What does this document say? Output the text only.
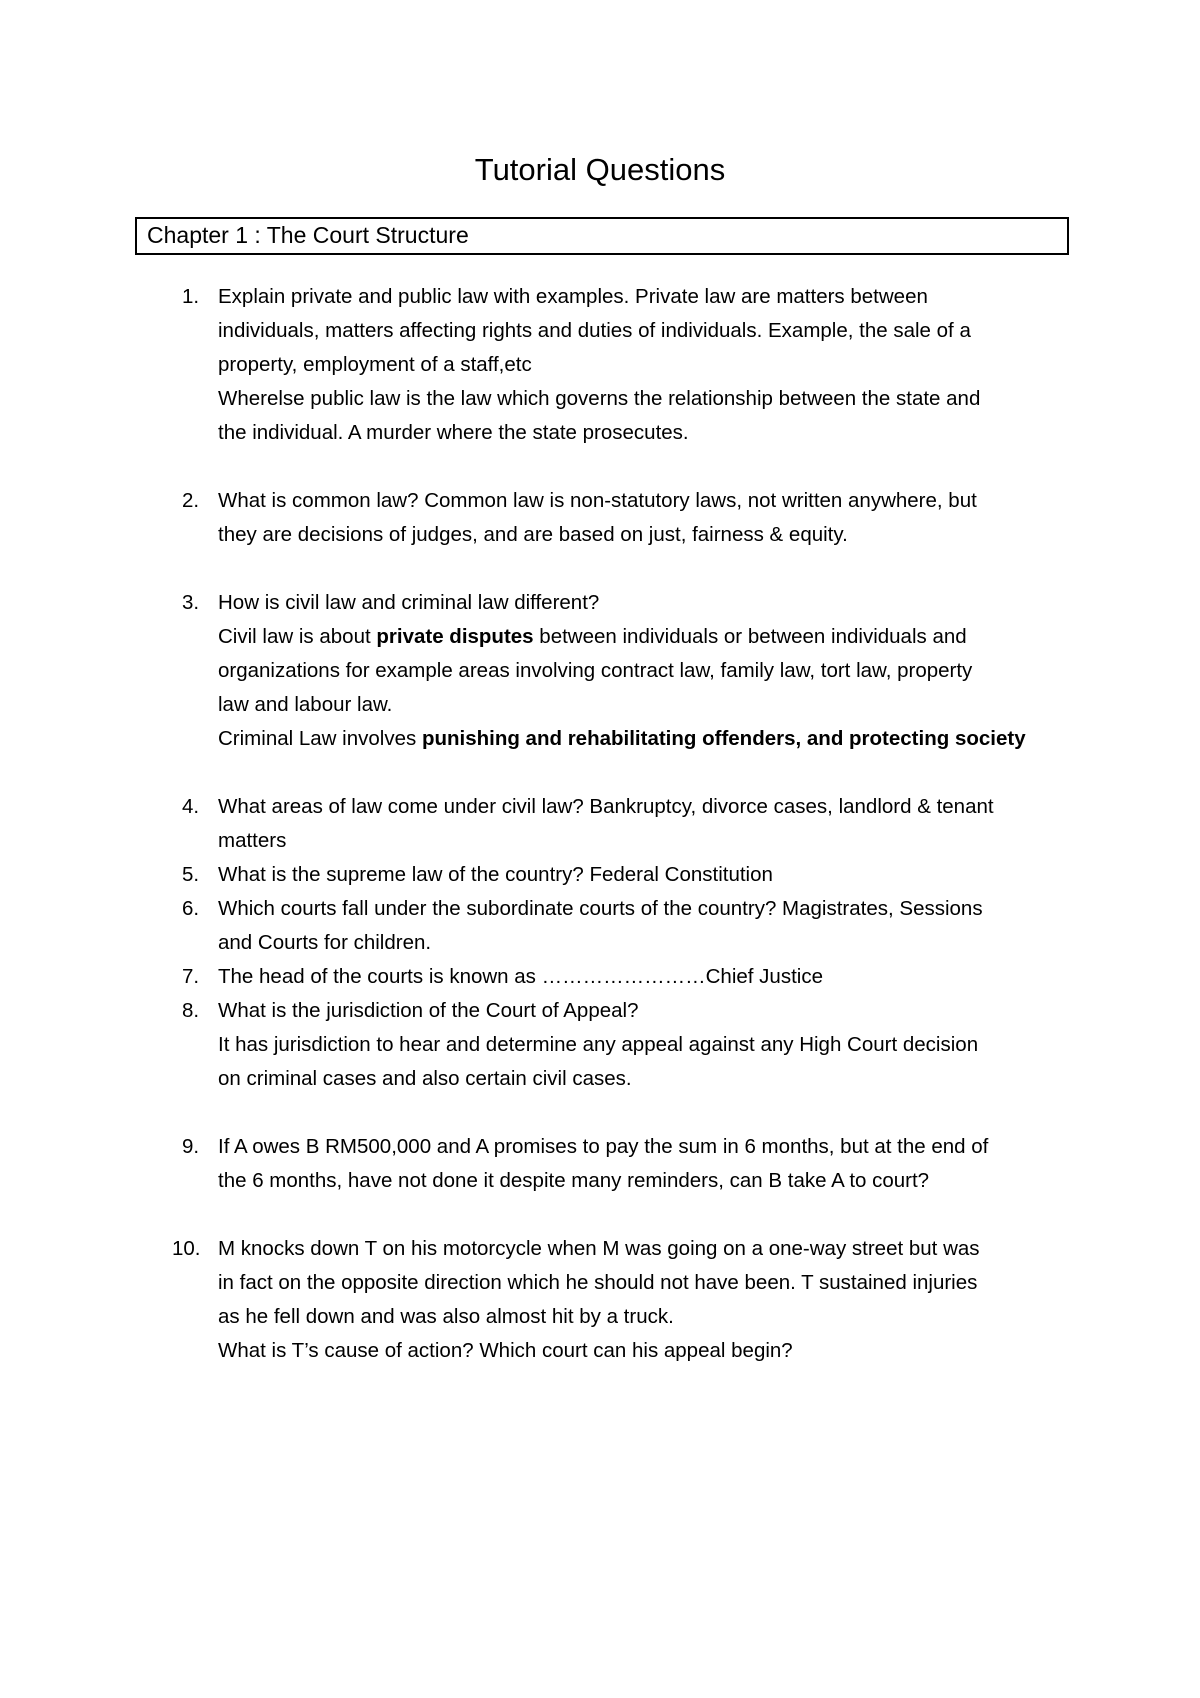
Tutorial Questions
Chapter 1 : The Court Structure
1. Explain private and public law with examples. Private law are matters between
individuals, matters affecting rights and duties of individuals. Example, the sale of a
property, employment of a staff,etc
Wherelse public law is the law which governs the relationship between the state and
the individual. A murder where the state prosecutes.
2. What is common law? Common law is non-statutory laws, not written anywhere, but
they are decisions of judges, and are based on just, fairness & equity.
3. How is civil law and criminal law different?
Civil law is about private disputes between individuals or between individuals and
organizations for example areas involving contract law, family law, tort law, property
law and labour law.
Criminal Law involves punishing and rehabilitating offenders, and protecting society
4. What areas of law come under civil law? Bankruptcy, divorce cases, landlord & tenant
matters
5. What is the supreme law of the country? Federal Constitution
6. Which courts fall under the subordinate courts of the country? Magistrates, Sessions
and Courts for children.
7. The head of the courts is known as ……………………Chief Justice
8. What is the jurisdiction of the Court of Appeal?
It has jurisdiction to hear and determine any appeal against any High Court decision
on criminal cases and also certain civil cases.
9. If A owes B RM500,000 and A promises to pay the sum in 6 months, but at the end of
the 6 months, have not done it despite many reminders, can B take A to court?
10. M knocks down T on his motorcycle when M was going on a one-way street but was
in fact on the opposite direction which he should not have been. T sustained injuries
as he fell down and was also almost hit by a truck.
What is T’s cause of action? Which court can his appeal begin?
